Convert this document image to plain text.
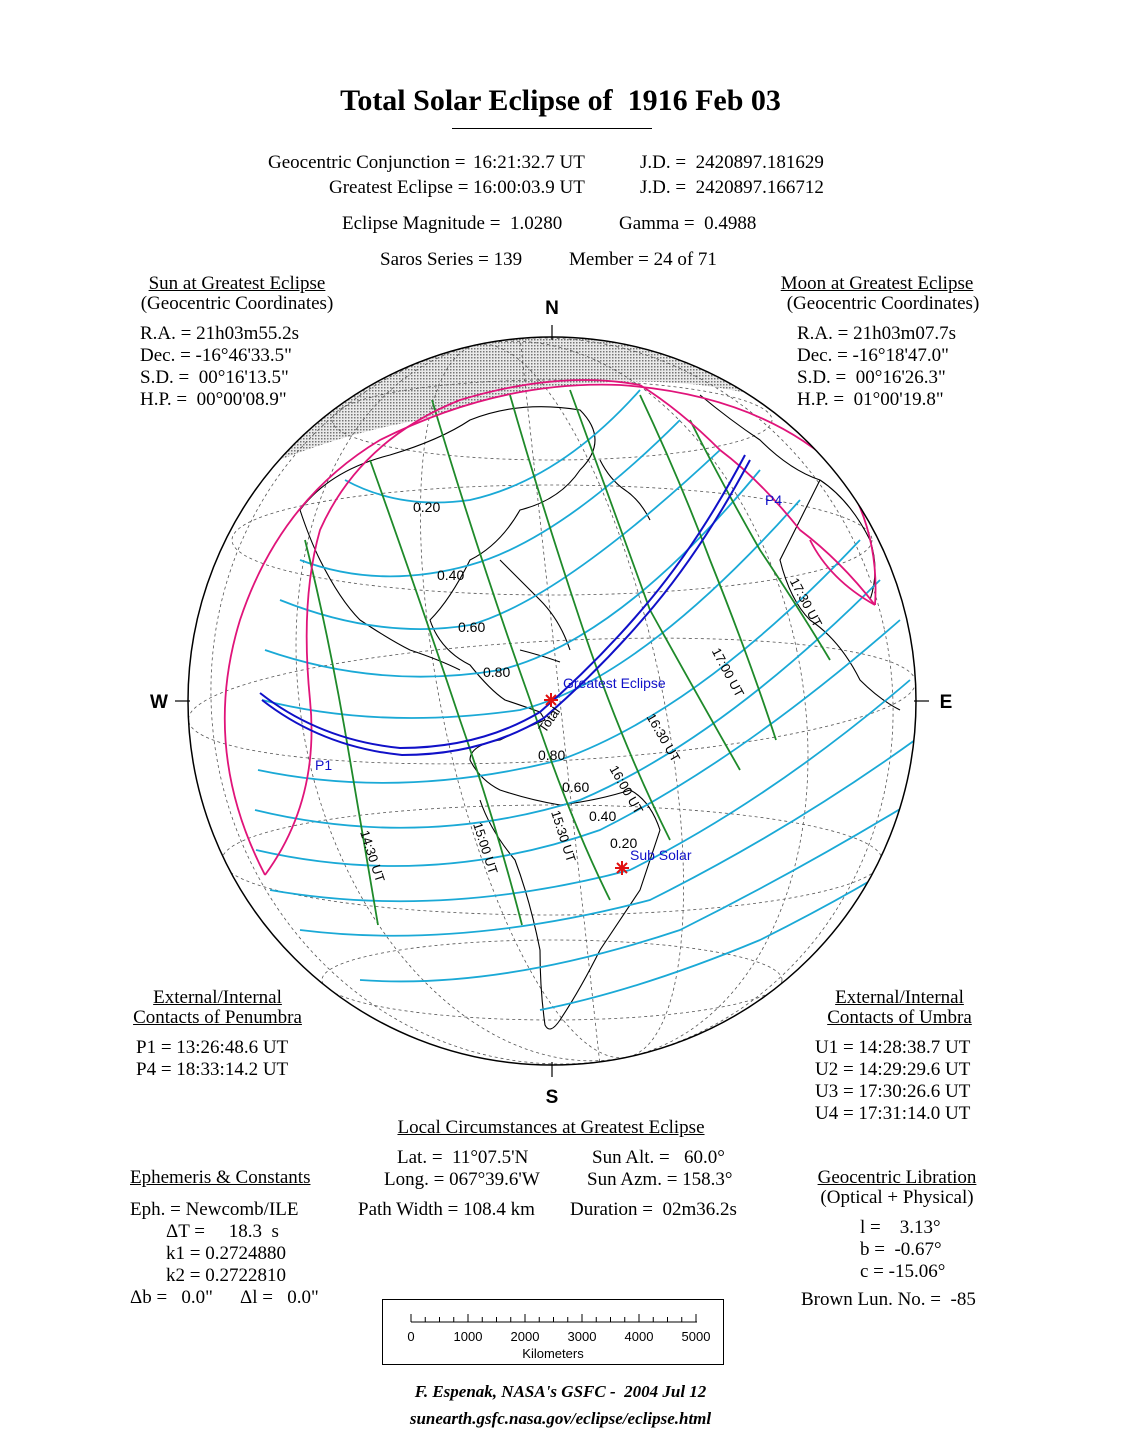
Total Solar Eclipse of  1916 Feb 03
Geocentric Conjunction = 16:21:32.7 UT	J.D. =  2420897.181629
Greatest Eclipse = 16:00:03.9 UT	J.D. =  2420897.166712
Eclipse Magnitude =  1.0280	Gamma =  0.4988
Saros Series = 139 Member = 24 of 71
Sun at Greatest Eclipse
(Geocentric Coordinates)
R.A. = 21h03m55.2s
Dec. = -16°46'33.5"
S.D. =  00°16'13.5"
H.P. =  00°00'08.9"
Moon at Greatest Eclipse
(Geocentric Coordinates)
R.A. = 21h03m07.7s
Dec. = -16°18'47.0"
S.D. =  00°16'26.3"
H.P. =  01°00'19.8"
N
S
W	E
Greatest Eclipse
Sub Solar
Total
P1
P4
0.20
0.40
0.60
0.80
0.80
0.60
0.40
0.20
14:30 UT	15:00 UT	15:30 UT
16:00 UT
16:30 UT
17:00 UT
17:30 UT
External/Internal
Contacts of Penumbra
P1 = 13:26:48.6 UT
P4 = 18:33:14.2 UT
External/Internal
Contacts of Umbra
U1 = 14:28:38.7 UT
U2 = 14:29:29.6 UT
U3 = 17:30:26.6 UT
U4 = 17:31:14.0 UT
Local Circumstances at Greatest Eclipse
Lat. =  11°07.5'N
Long. = 067°39.6'W
Sun Alt. =   60.0°
Sun Azm. = 158.3°
Path Width = 108.4 km Duration =  02m36.2s
Ephemeris & Constants
Eph. = Newcomb/ILE
ΔT =     18.3  s
k1 = 0.2724880
k2 = 0.2722810
Δb =   0.0" Δl =   0.0"
Geocentric Libration
(Optical + Physical)
l =    3.13°
b =  -0.67°
c = -15.06°
Brown Lun. No. =  -85
0	1000 2000 3000 4000 5000
Kilometers
F. Espenak, NASA's GSFC -  2004 Jul 12
sunearth.gsfc.nasa.gov/eclipse/eclipse.html
